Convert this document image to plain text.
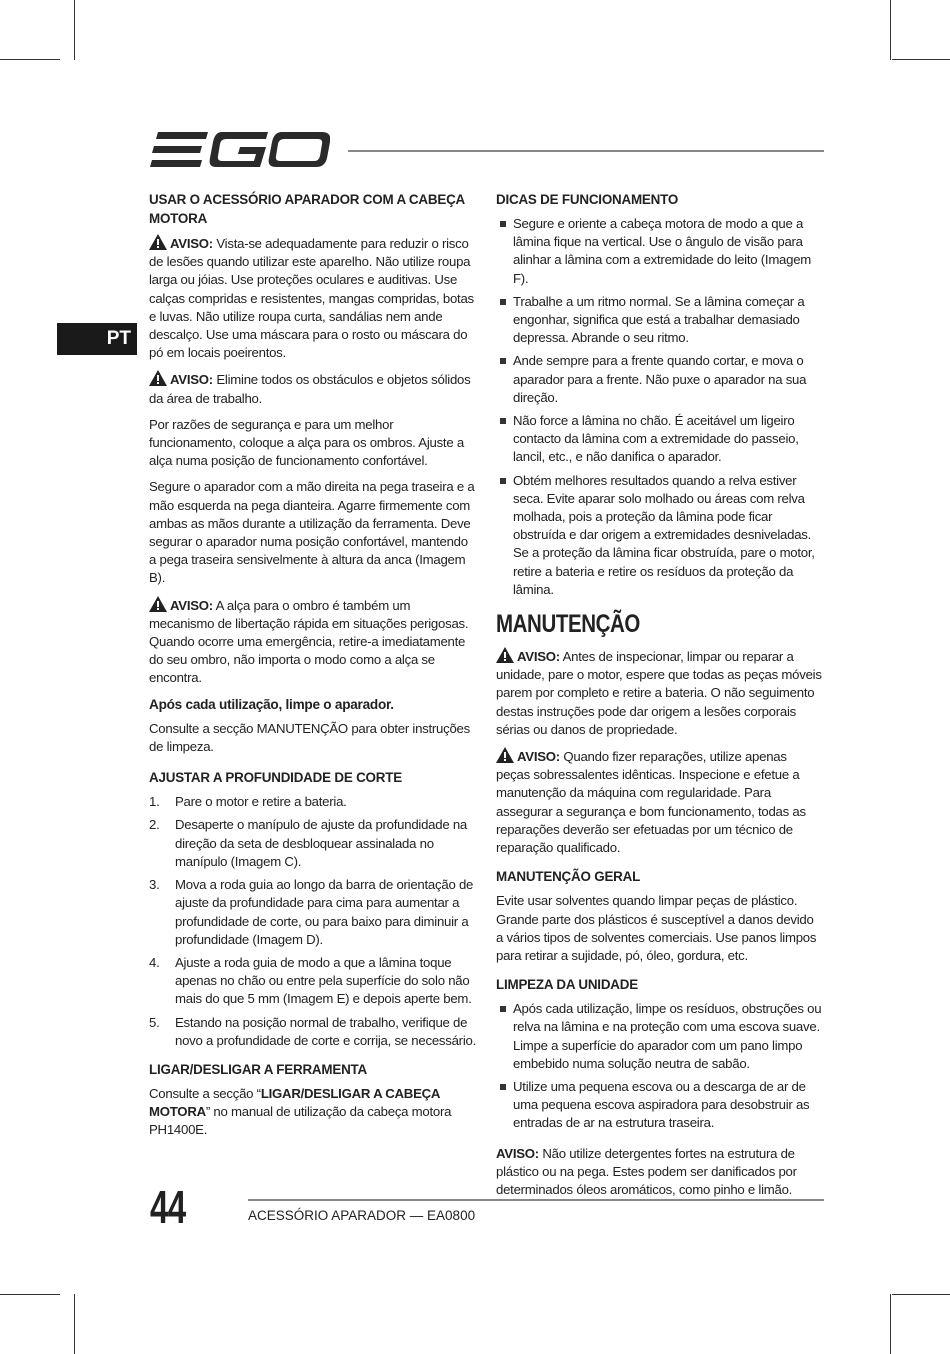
PT
USAR O ACESSÓRIO APARADOR COM A CABEÇA MOTORA

AVISO: Vista-se adequadamente para reduzir o risco de lesões quando utilizar este aparelho. Não utilize roupa larga ou jóias. Use proteções oculares e auditivas. Use calças compridas e resistentes, mangas compridas, botas e luvas. Não utilize roupa curta, sandálias nem ande descalço. Use uma máscara para o rosto ou máscara do pó em locais poeirentos.

AVISO: Elimine todos os obstáculos e objetos sólidos da área de trabalho.

Por razões de segurança e para um melhor funcionamento, coloque a alça para os ombros. Ajuste a alça numa posição de funcionamento confortável.

Segure o aparador com a mão direita na pega traseira e a mão esquerda na pega dianteira. Agarre firmemente com ambas as mãos durante a utilização da ferramenta. Deve segurar o aparador numa posição confortável, mantendo a pega traseira sensivelmente à altura da anca (Imagem B).

AVISO: A alça para o ombro é também um mecanismo de libertação rápida em situações perigosas. Quando ocorre uma emergência, retire-a imediatamente do seu ombro, não importa o modo como a alça se encontra.

Após cada utilização, limpe o aparador.

Consulte a secção MANUTENÇÃO para obter instruções de limpeza.

AJUSTAR A PROFUNDIDADE DE CORTE
1. Pare o motor e retire a bateria.
2. Desaperte o manípulo de ajuste da profundidade na direção da seta de desbloquear assinalada no manípulo (Imagem C).
3. Mova a roda guia ao longo da barra de orientação de ajuste da profundidade para cima para aumentar a profundidade de corte, ou para baixo para diminuir a profundidade (Imagem D).
4. Ajuste a roda guia de modo a que a lâmina toque apenas no chão ou entre pela superfície do solo não mais do que 5 mm (Imagem E) e depois aperte bem.
5. Estando na posição normal de trabalho, verifique de novo a profundidade de corte e corrija, se necessário.
LIGAR/DESLIGAR A FERRAMENTA

Consulte a secção “LIGAR/DESLIGAR A CABEÇA MOTORA” no manual de utilização da cabeça motora PH1400E.

DICAS DE FUNCIONAMENTO
Segure e oriente a cabeça motora de modo a que a lâmina fique na vertical. Use o ângulo de visão para alinhar a lâmina com a extremidade do leito (Imagem F).
Trabalhe a um ritmo normal. Se a lâmina começar a engonhar, significa que está a trabalhar demasiado depressa. Abrande o seu ritmo.
Ande sempre para a frente quando cortar, e mova o aparador para a frente. Não puxe o aparador na sua direção.
Não force a lâmina no chão. É aceitável um ligeiro contacto da lâmina com a extremidade do passeio, lancil, etc., e não danifica o aparador.
Obtém melhores resultados quando a relva estiver seca. Evite aparar solo molhado ou áreas com relva molhada, pois a proteção da lâmina pode ficar obstruída e dar origem a extremidades desniveladas. Se a proteção da lâmina ficar obstruída, pare o motor, retire a bateria e retire os resíduos da proteção da lâmina.
MANUTENÇÃO

AVISO: Antes de inspecionar, limpar ou reparar a unidade, pare o motor, espere que todas as peças móveis parem por completo e retire a bateria. O não seguimento destas instruções pode dar origem a lesões corporais sérias ou danos de propriedade.

AVISO: Quando fizer reparações, utilize apenas peças sobressalentes idênticas. Inspecione e efetue a manutenção da máquina com regularidade. Para assegurar a segurança e bom funcionamento, todas as reparações deverão ser efetuadas por um técnico de reparação qualificado.

MANUTENÇÃO GERAL

Evite usar solventes quando limpar peças de plástico. Grande parte dos plásticos é susceptível a danos devido a vários tipos de solventes comerciais. Use panos limpos para retirar a sujidade, pó, óleo, gordura, etc.

LIMPEZA DA UNIDADE
Após cada utilização, limpe os resíduos, obstruções ou relva na lâmina e na proteção com uma escova suave. Limpe a superfície do aparador com um pano limpo embebido numa solução neutra de sabão.
Utilize uma pequena escova ou a descarga de ar de uma pequena escova aspiradora para desobstruir as entradas de ar na estrutura traseira.

AVISO: Não utilize detergentes fortes na estrutura de plástico ou na pega. Estes podem ser danificados por determinados óleos aromáticos, como pinho e limão.

44	ACESSÓRIO APARADOR — EA0800
